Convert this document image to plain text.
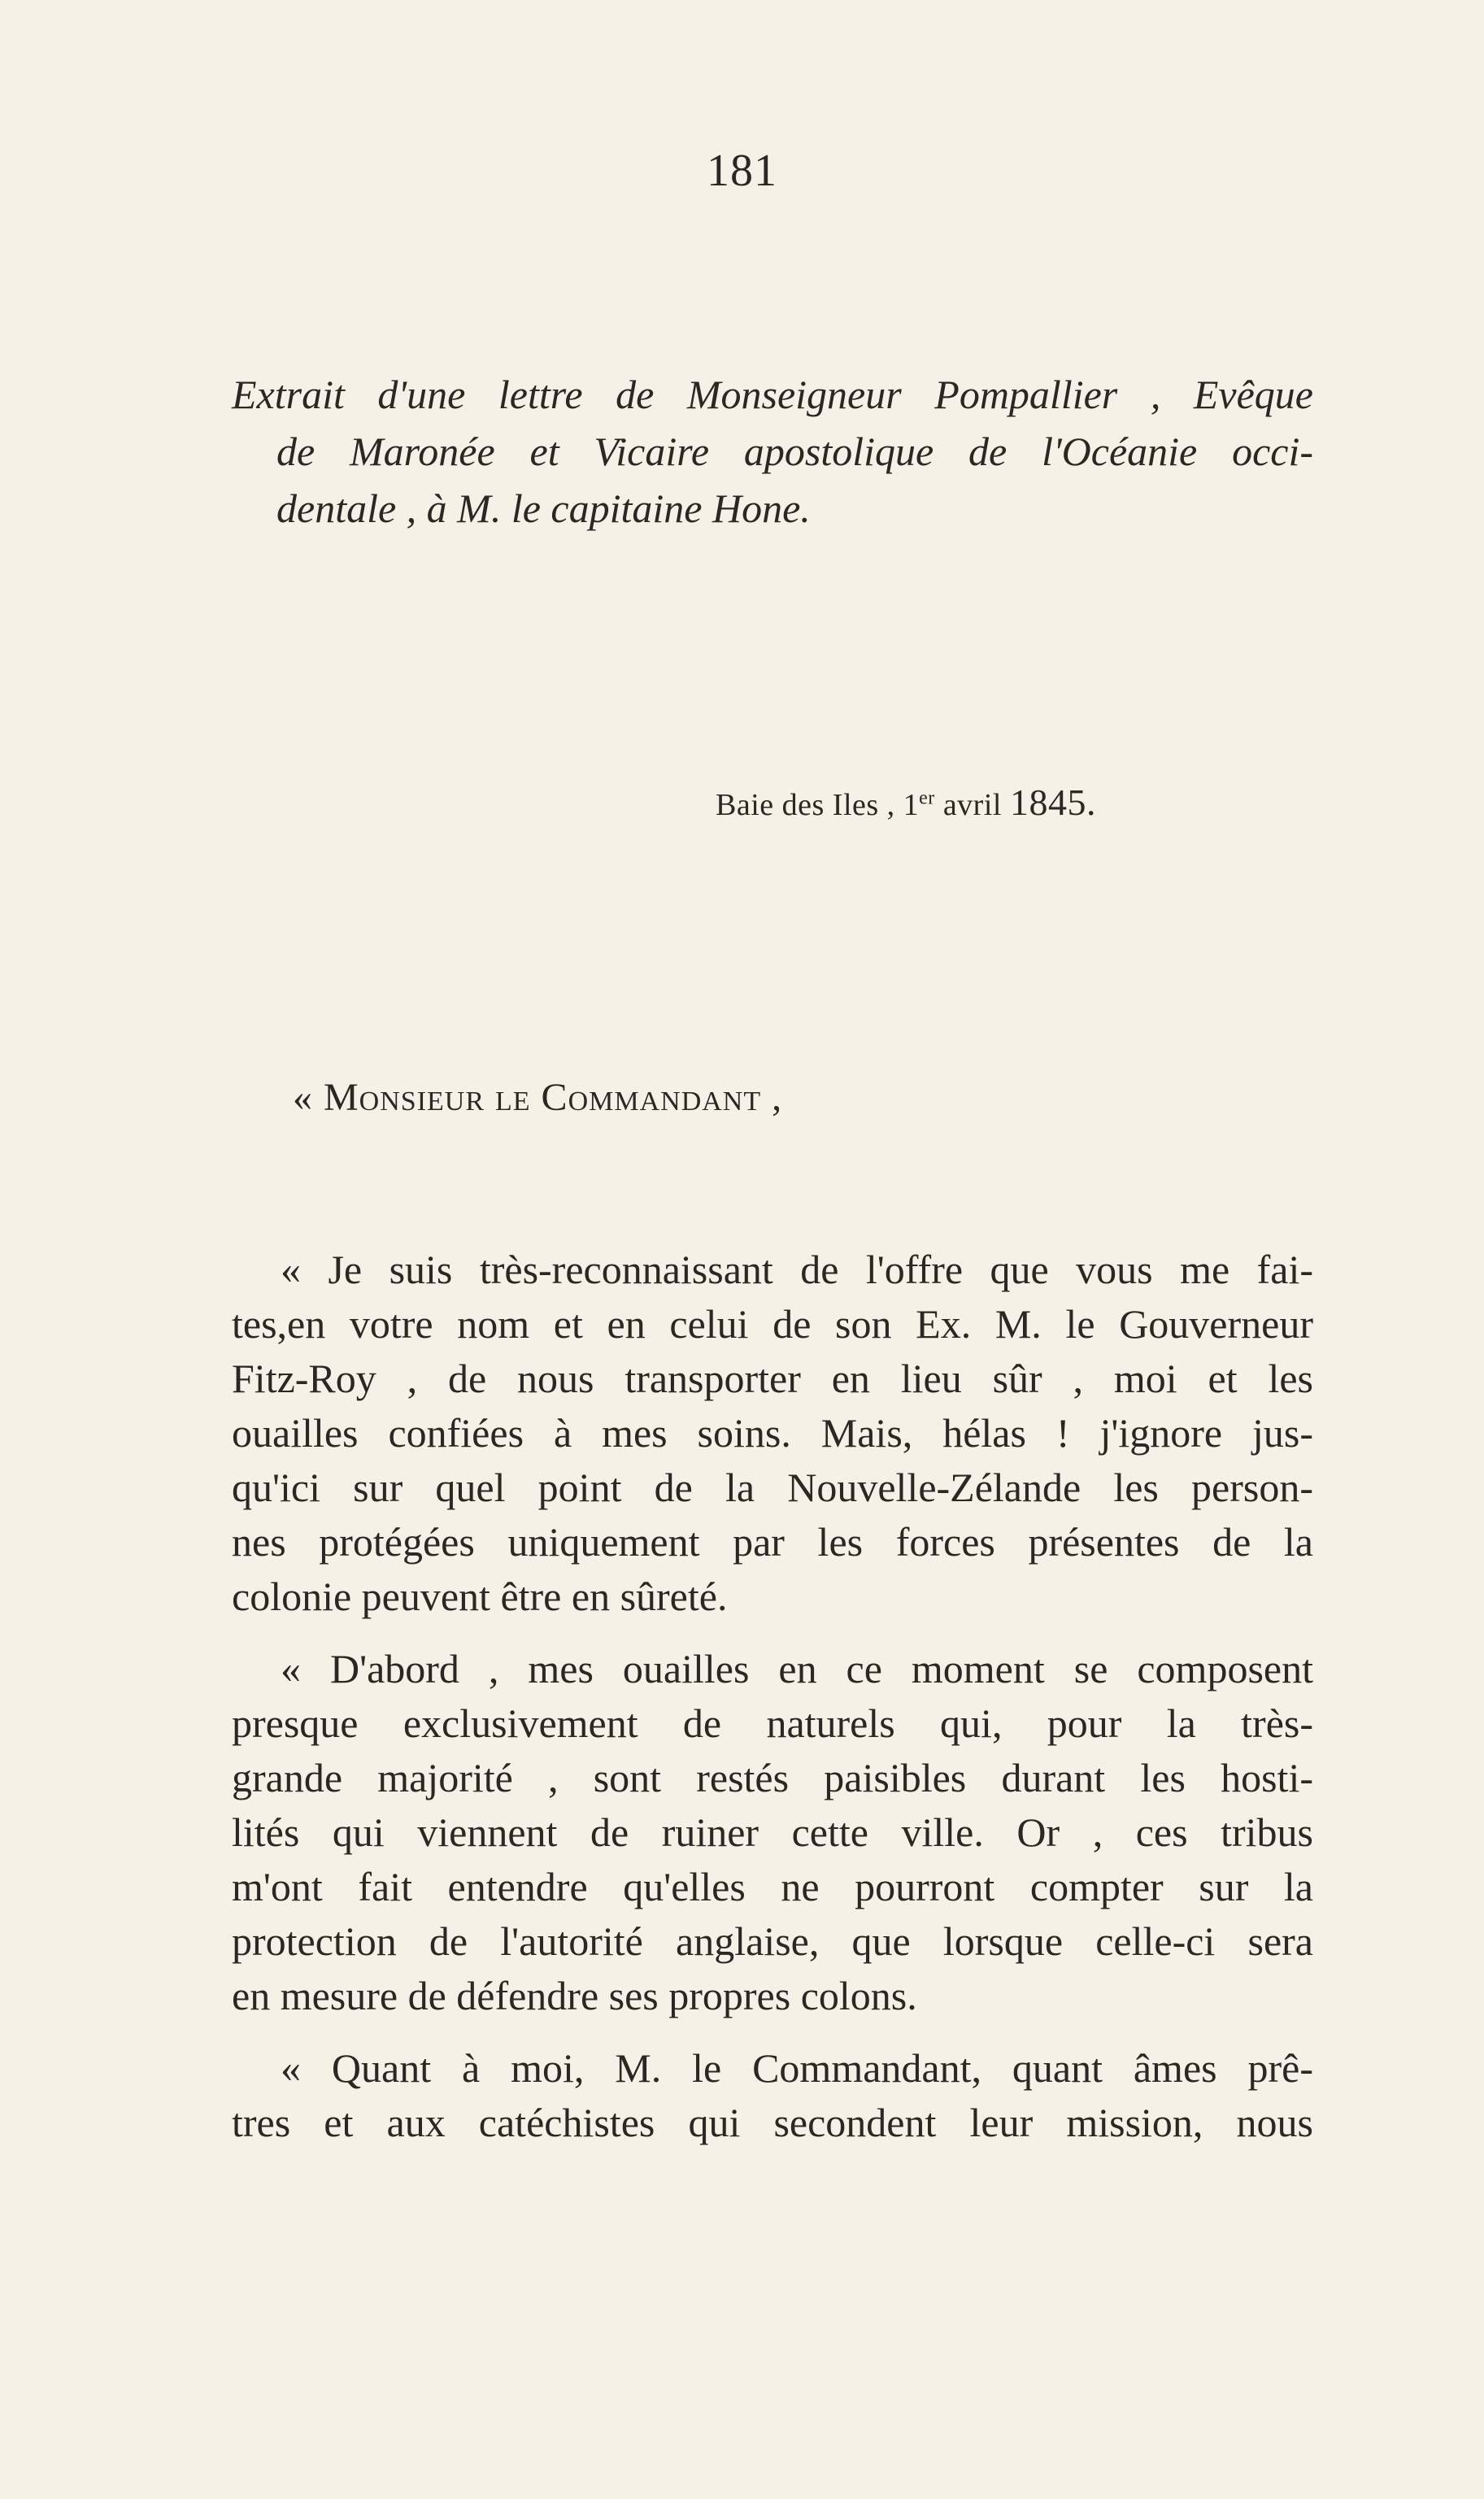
181
Extrait d'une lettre de Monseigneur Pompallier , Evêque
de Maronée et Vicaire apostolique de l'Océanie occi-
dentale , à M. le capitaine Hone.
Baie des Iles , 1er avril 1845.
« Monsieur le Commandant ,
« Je suis très-reconnaissant de l'offre que vous me fai-
tes,en votre nom et en celui de son Ex. M. le Gouverneur
Fitz-Roy , de nous transporter en lieu sûr , moi et les
ouailles confiées à mes soins. Mais, hélas ! j'ignore jus-
qu'ici sur quel point de la Nouvelle-Zélande les person-
nes protégées uniquement par les forces présentes de la
colonie peuvent être en sûreté.
« D'abord , mes ouailles en ce moment se composent
presque exclusivement de naturels qui, pour la très-
grande majorité , sont restés paisibles durant les hosti-
lités qui viennent de ruiner cette ville. Or , ces tribus
m'ont fait entendre qu'elles ne pourront compter sur la
protection de l'autorité anglaise, que lorsque celle-ci sera
en mesure de défendre ses propres colons.
« Quant à moi, M. le Commandant, quant âmes prê-
tres et aux catéchistes qui secondent leur mission, nous
